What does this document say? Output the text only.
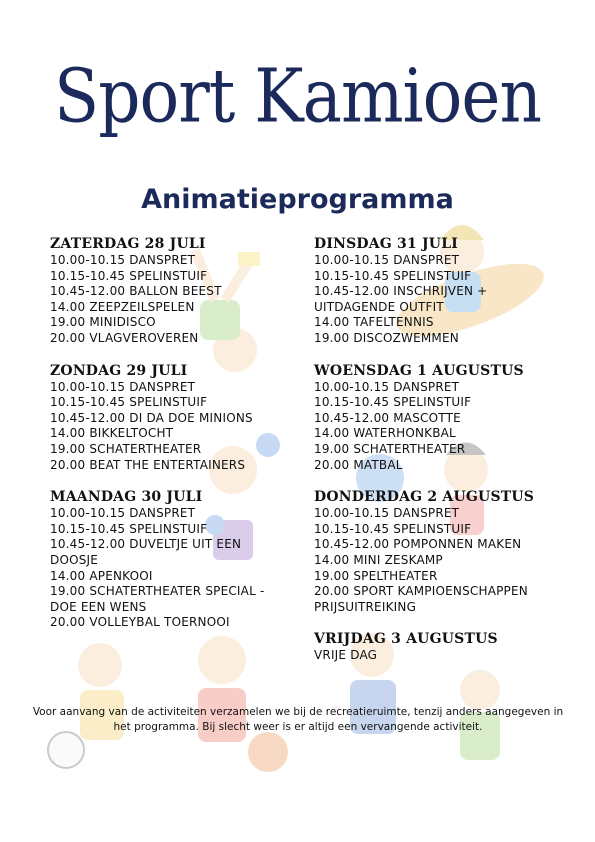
Sport Kamioen
Animatieprogramma
ZATERDAG 28 JULI
10.00-10.15 DANSPRET
10.15-10.45 SPELINSTUIF
10.45-12.00 BALLON BEEST
14.00 ZEEPZEILSPELEN
19.00 MINIDISCO
20.00 VLAGVEROVEREN
ZONDAG 29 JULI
10.00-10.15 DANSPRET
10.15-10.45 SPELINSTUIF
10.45-12.00 DI DA DOE MINIONS
14.00 BIKKELTOCHT
19.00 SCHATERTHEATER
20.00 BEAT THE ENTERTAINERS
MAANDAG 30 JULI
10.00-10.15 DANSPRET
10.15-10.45 SPELINSTUIF
10.45-12.00 DUVELTJE UIT EEN
DOOSJE
14.00 APENKOOI
19.00 SCHATERTHEATER SPECIAL -
DOE EEN WENS
20.00 VOLLEYBAL TOERNOOI
DINSDAG 31 JULI
10.00-10.15 DANSPRET
10.15-10.45 SPELINSTUIF
10.45-12.00 INSCHRIJVEN +
UITDAGENDE OUTFIT
14.00 TAFELTENNIS
19.00 DISCOZWEMMEN
WOENSDAG 1 AUGUSTUS
10.00-10.15 DANSPRET
10.15-10.45 SPELINSTUIF
10.45-12.00 MASCOTTE
14.00 WATERHONKBAL
19.00 SCHATERTHEATER
20.00 MATBAL
DONDERDAG 2 AUGUSTUS
10.00-10.15 DANSPRET
10.15-10.45 SPELINSTUIF
10.45-12.00 POMPONNEN MAKEN
14.00 MINI ZESKAMP
19.00 SPELTHEATER
20.00 SPORT KAMPIOENSCHAPPEN
PRIJSUITREIKING
VRIJDAG 3 AUGUSTUS
VRIJE DAG
Voor aanvang van de activiteiten verzamelen we bij de recreatieruimte, tenzij anders aangegeven in
het programma. Bij slecht weer is er altijd een vervangende activiteit.
